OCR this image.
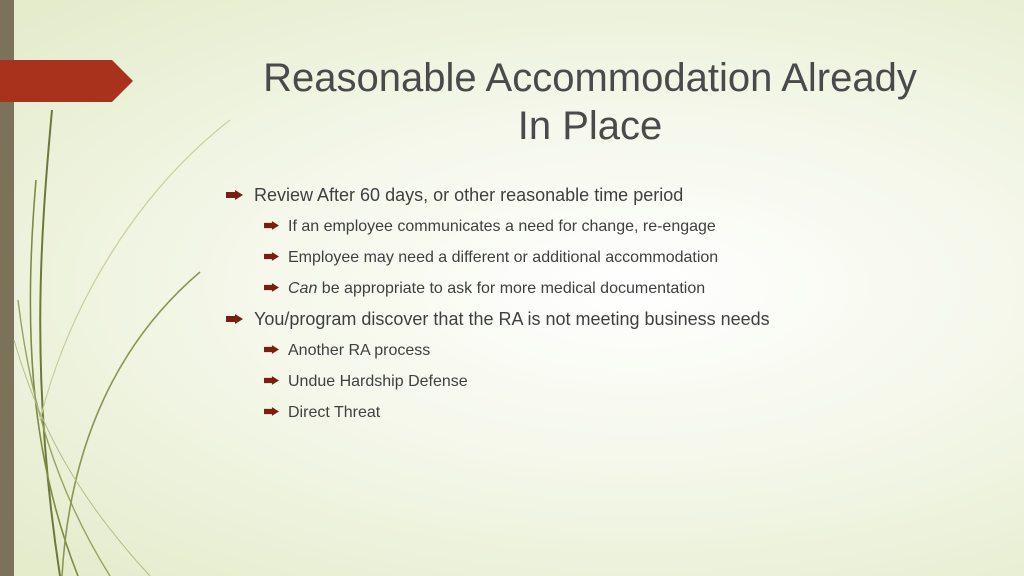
Reasonable Accommodation Already
In Place
Review After 60 days, or other reasonable time period
If an employee communicates a need for change, re-engage
Employee may need a different or additional accommodation
Can be appropriate to ask for more medical documentation
You/program discover that the RA is not meeting business needs
Another RA process
Undue Hardship Defense
Direct Threat
